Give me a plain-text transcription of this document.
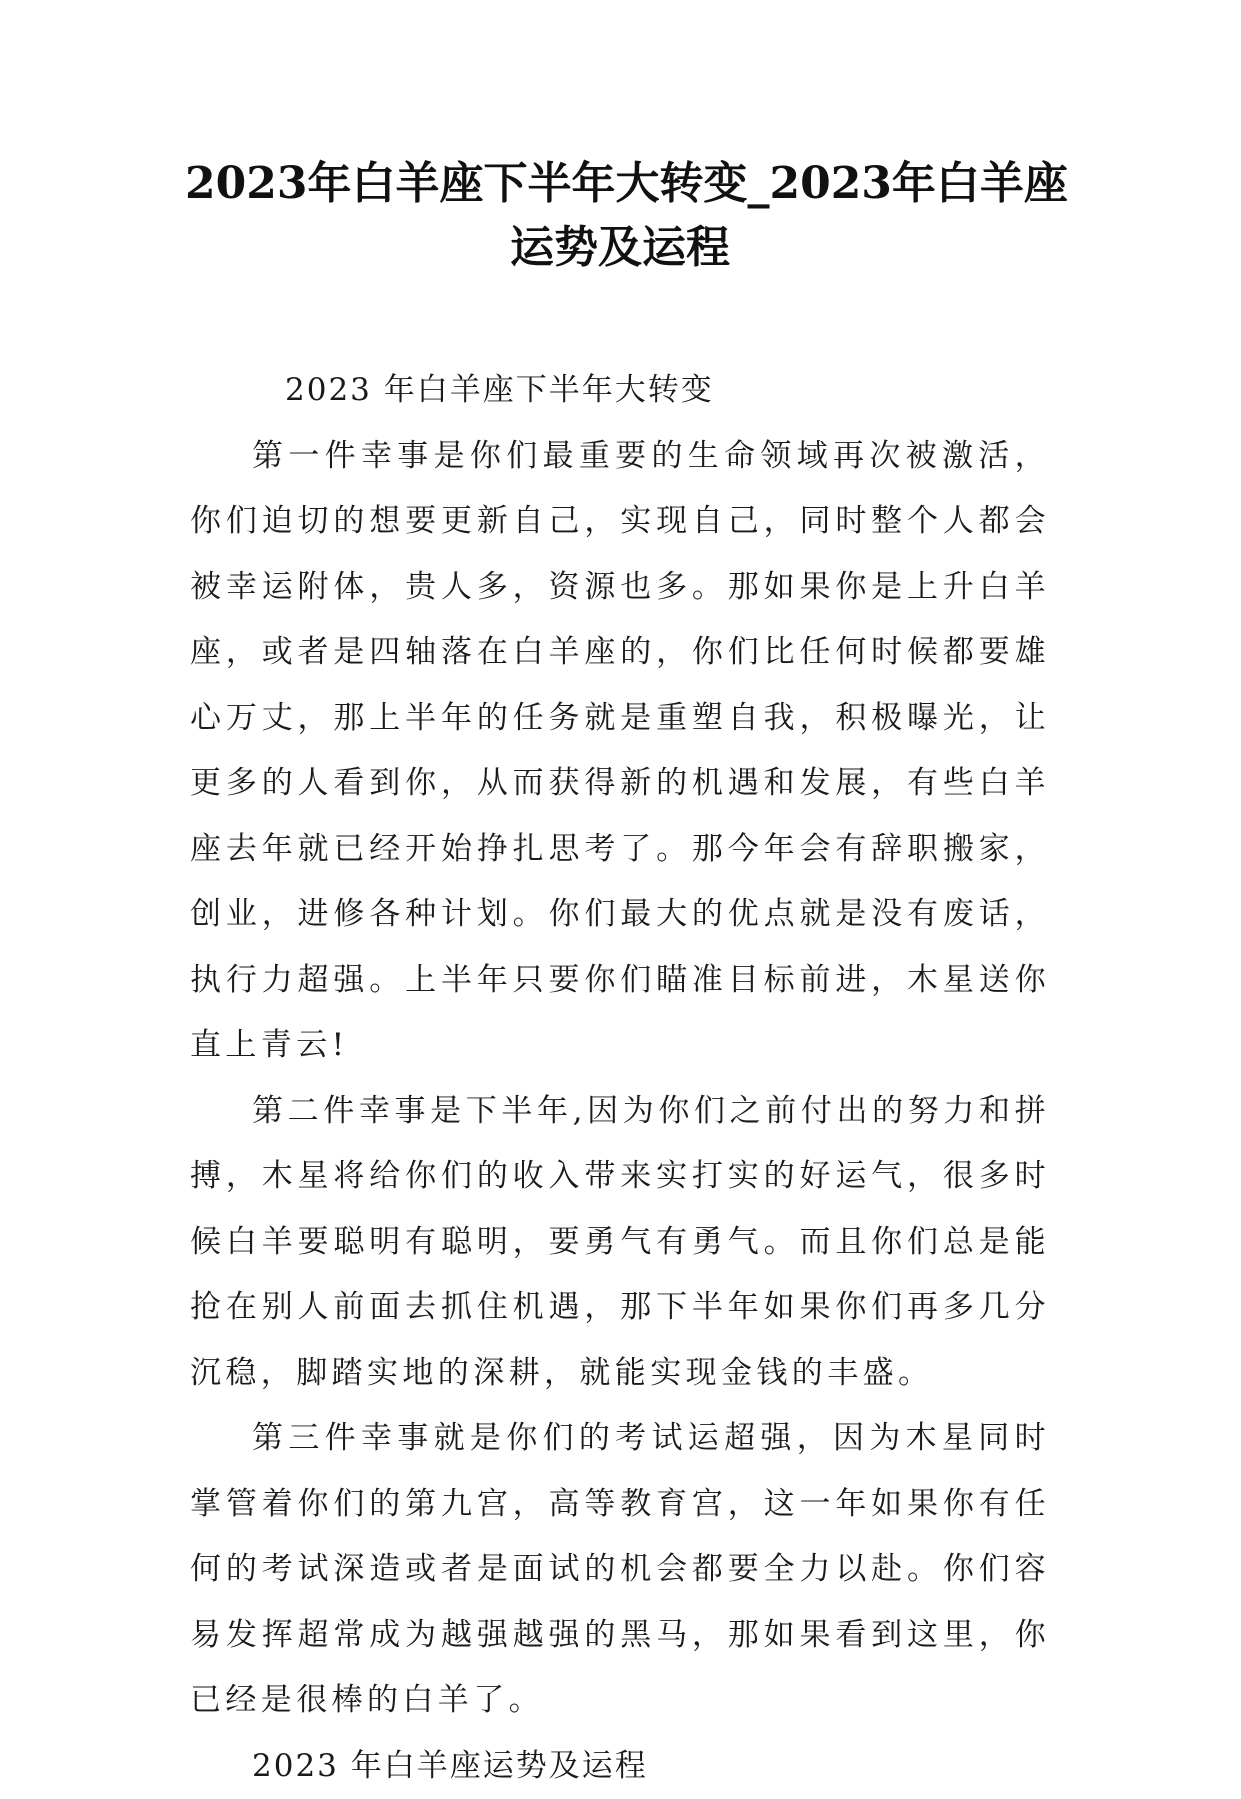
2023年白羊座下半年大转变_2023年白羊座
运势及运程

2023 年白羊座下半年大转变

第一件幸事是你们最重要的生命领域再次被激活，你们迫切的想要更新自己，实现自己，同时整个人都会被幸运附体，贵人多，资源也多。那如果你是上升白羊座，或者是四轴落在白羊座的，你们比任何时候都要雄心万丈，那上半年的任务就是重塑自我，积极曝光，让更多的人看到你，从而获得新的机遇和发展，有些白羊座去年就已经开始挣扎思考了。那今年会有辞职搬家，创业，进修各种计划。你们最大的优点就是没有废话，执行力超强。上半年只要你们瞄准目标前进，木星送你直上青云!

第二件幸事是下半年,因为你们之前付出的努力和拼搏，木星将给你们的收入带来实打实的好运气，很多时候白羊要聪明有聪明，要勇气有勇气。而且你们总是能抢在别人前面去抓住机遇，那下半年如果你们再多几分沉稳，脚踏实地的深耕，就能实现金钱的丰盛。

第三件幸事就是你们的考试运超强，因为木星同时掌管着你们的第九宫，高等教育宫，这一年如果你有任何的考试深造或者是面试的机会都要全力以赴。你们容易发挥超常成为越强越强的黑马，那如果看到这里，你已经是很棒的白羊了。

2023 年白羊座运势及运程
